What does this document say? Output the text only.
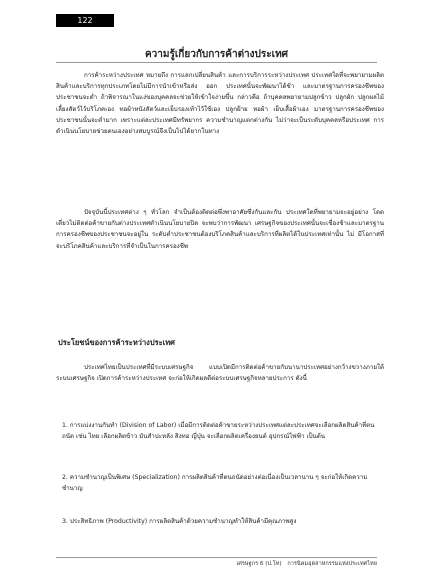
122
ความรู้เกี่ยวกับการค้าต่างประเทศ

การค้าระหว่างประเทศ หมายถึง การแลกเปลี่ยนสินค้า และการบริการระหว่างประเทศ ประเทศใดที่จะพยายามผลิตสินค้าและบริการทุกประเภทโดยไม่มีการนำเข้าหรือส่ง ออก ประเทศนั้นจะพัฒนาได้ช้า และมาตรฐานการครองชีพของประชาชนจะต่ำ ถ้าพิจารณาในแง่ของบุคคลจะช่วยให้เข้าใจง่ายขึ้น กล่าวคือ ถ้าบุคคลพยายามปลูกข้าว ปลูกผัก ปลูกผลไม้ เลี้ยงสัตว์ไว้บริโภคเอง ทอผ้าหนังสัตว์และเย็บรองเท้าไว้ใช้เอง ปลูกฝ้าย ทอผ้า เย็บเสื้อผ้าเอง มาตรฐานการครองชีพของประชาชนนั้นจะต่ำมาก เพราะแต่ละประเทศมีทรัพยากร ความชำนาญแตกต่างกัน ไม่ว่าจะเป็นระดับบุคคลหรือประเทศ การดำเนินนโยบายช่วยตนเองอย่างสมบูรณ์จึงเป็นไปได้ยากในทาง

ปัจจุบันนี้ประเทศต่าง ๆ ทั่วโลก จำเป็นต้องติดต่อพึ่งพาอาศัยซึ่งกันและกัน ประเทศใดที่พยายามจะอยู่อย่าง โดดเดี่ยวไม่ติดต่อค้าขายกับต่างประเทศดำเนินนโยบายปิด จะพบว่าการพัฒนา เศรษฐกิจของประเทศนั้นจะเชื่องช้าและมาตรฐานการครองชีพของประชาชนจะอยู่ใน ระดับต่ำประชาชนต้องบริโภคสินค้าและบริการที่ผลิตได้ในประเทศเท่านั้น ไม่ มีโอกาสที่จะบริโภคสินค้าและบริการที่จำเป็นในการครองชีพ

ประโยชน์ของการค้าระหว่างประเทศ

ประเทศไทยเป็นประเทศที่มีระบบเศรษฐกิจ แบบเปิดมีการติดต่อค้าขายกับนานาประเทศอย่างกว้างขวางภายใต้ระบบเศรษฐกิจ เปิดการค้าระหว่างประเทศ จะก่อให้เกิดผลดีต่อระบบเศรษฐกิจหลายประการ ดังนี้

1. การแบ่งงานกันทำ (Division of Labor) เมื่อมีการติดต่อค้าขายระหว่างประเทศแต่ละประเทศจะเลือกผลิตสินค้าที่ตนถนัด เช่น ไทย เลือกผลิตข้าว มันสำปะหลัง สิงทอ ญี่ปุ่น จะเลือกผลิตเครื่องยนต์ อุปกรณ์ไฟฟ้า เป็นต้น

2. ความชำนาญเป็นพิเศษ (Specialization) การผลิตสินค้าที่ตนถนัดอย่างต่อเนื่องเป็นเวลานาน ๆ จะก่อให้เกิดความชำนาญ

3. ประสิทธิภาพ (Productivity) การผลิตสินค้าด้วยความชำนาญทำให้สินค้ามีคุณภาพสูง

เศรษฐกร 6 (ป.โท) การนิคมอุตสาหกรรมแห่งประเทศไทย
